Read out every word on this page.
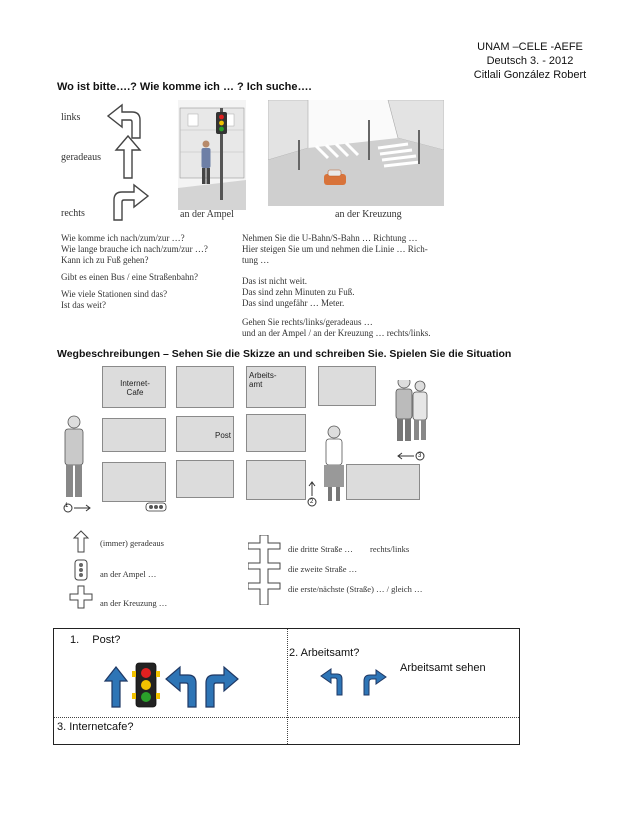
UNAM –CELE -AEFE
Deutsch 3. - 2012
Citlali González Robert
Wo ist bitte….? Wie komme ich … ? Ich suche….
links
geradeaus
rechts	an der Ampel	an der Kreuzung
Wie komme ich nach/zum/zur …?
Wie lange brauche ich nach/zum/zur …?
Kann ich zu Fuß gehen?
Gibt es einen Bus / eine Straßenbahn?
Wie viele Stationen sind das?
Ist das weit?
Nehmen Sie die U-Bahn/S-Bahn … Richtung …
Hier steigen Sie um und nehmen die Linie … Rich-
tung …
Das ist nicht weit.
Das sind zehn Minuten zu Fuß.
Das sind ungefähr … Meter.
Gehen Sie rechts/links/geradeaus …
und an der Ampel / an der Kreuzung … rechts/links.
Wegbeschreibungen – Sehen Sie die Skizze an und schreiben Sie. Spielen Sie die Situation
Internet-
Cafe
Arbeits-
amt
Post
1
2
3
(immer) geradeaus
an der Ampel …
an der Kreuzung …
die dritte Straße … rechts/links
die zweite Straße …
die erste/nächste (Straße) … / gleich …
1. Post?
2. Arbeitsamt?
Arbeitsamt sehen
3. Internetcafe?
